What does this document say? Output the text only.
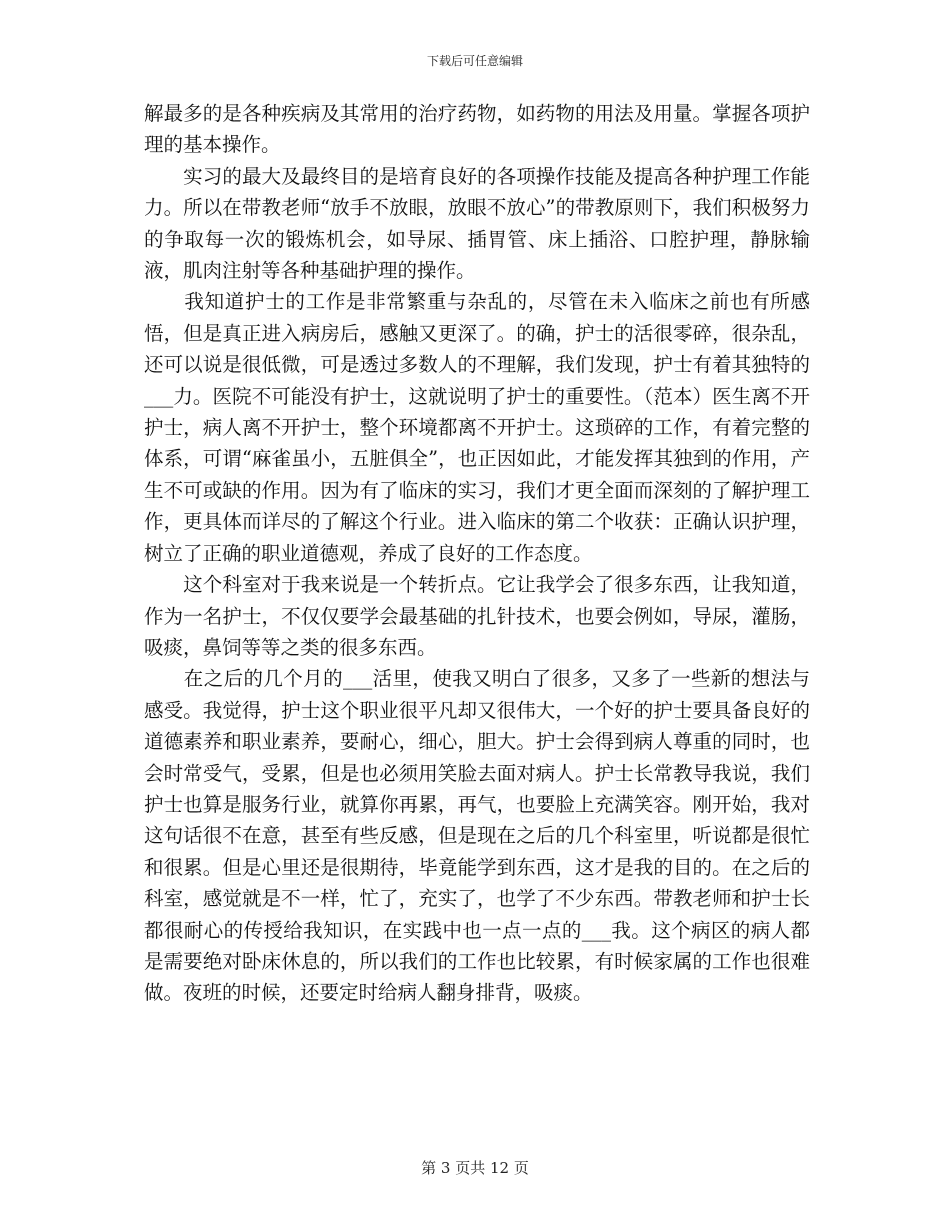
下载后可任意编辑

解最多的是各种疾病及其常用的治疗药物，如药物的用法及用量。掌握各项护理的基本操作。

　　实习的最大及最终目的是培育良好的各项操作技能及提高各种护理工作能力。所以在带教老师“放手不放眼，放眼不放心”的带教原则下，我们积极努力的争取每一次的锻炼机会，如导尿、插胃管、床上插浴、口腔护理，静脉输液，肌肉注射等各种基础护理的操作。

　　我知道护士的工作是非常繁重与杂乱的，尽管在未入临床之前也有所感悟，但是真正进入病房后，感触又更深了。的确，护士的活很零碎，很杂乱，还可以说是很低微，可是透过多数人的不理解，我们发现，护士有着其独特的___力。医院不可能没有护士，这就说明了护士的重要性。（范本）医生离不开护士，病人离不开护士，整个环境都离不开护士。这琐碎的工作，有着完整的体系，可谓“麻雀虽小，五脏俱全”，也正因如此，才能发挥其独到的作用，产生不可或缺的作用。因为有了临床的实习，我们才更全面而深刻的了解护理工作，更具体而详尽的了解这个行业。进入临床的第二个收获：正确认识护理，树立了正确的职业道德观，养成了良好的工作态度。

　　这个科室对于我来说是一个转折点。它让我学会了很多东西，让我知道，作为一名护士，不仅仅要学会最基础的扎针技术，也要会例如，导尿，灌肠，吸痰，鼻饲等等之类的很多东西。

　　在之后的几个月的___活里，使我又明白了很多，又多了一些新的想法与感受。我觉得，护士这个职业很平凡却又很伟大，一个好的护士要具备良好的道德素养和职业素养，要耐心，细心，胆大。护士会得到病人尊重的同时，也会时常受气，受累，但是也必须用笑脸去面对病人。护士长常教导我说，我们护士也算是服务行业，就算你再累，再气，也要脸上充满笑容。刚开始，我对这句话很不在意，甚至有些反感，但是现在之后的几个科室里，听说都是很忙和很累。但是心里还是很期待，毕竟能学到东西，这才是我的目的。在之后的科室，感觉就是不一样，忙了，充实了，也学了不少东西。带教老师和护士长都很耐心的传授给我知识，在实践中也一点一点的___我。这个病区的病人都是需要绝对卧床休息的，所以我们的工作也比较累，有时候家属的工作也很难做。夜班的时候，还要定时给病人翻身排背，吸痰。

第 3 页共 12 页
